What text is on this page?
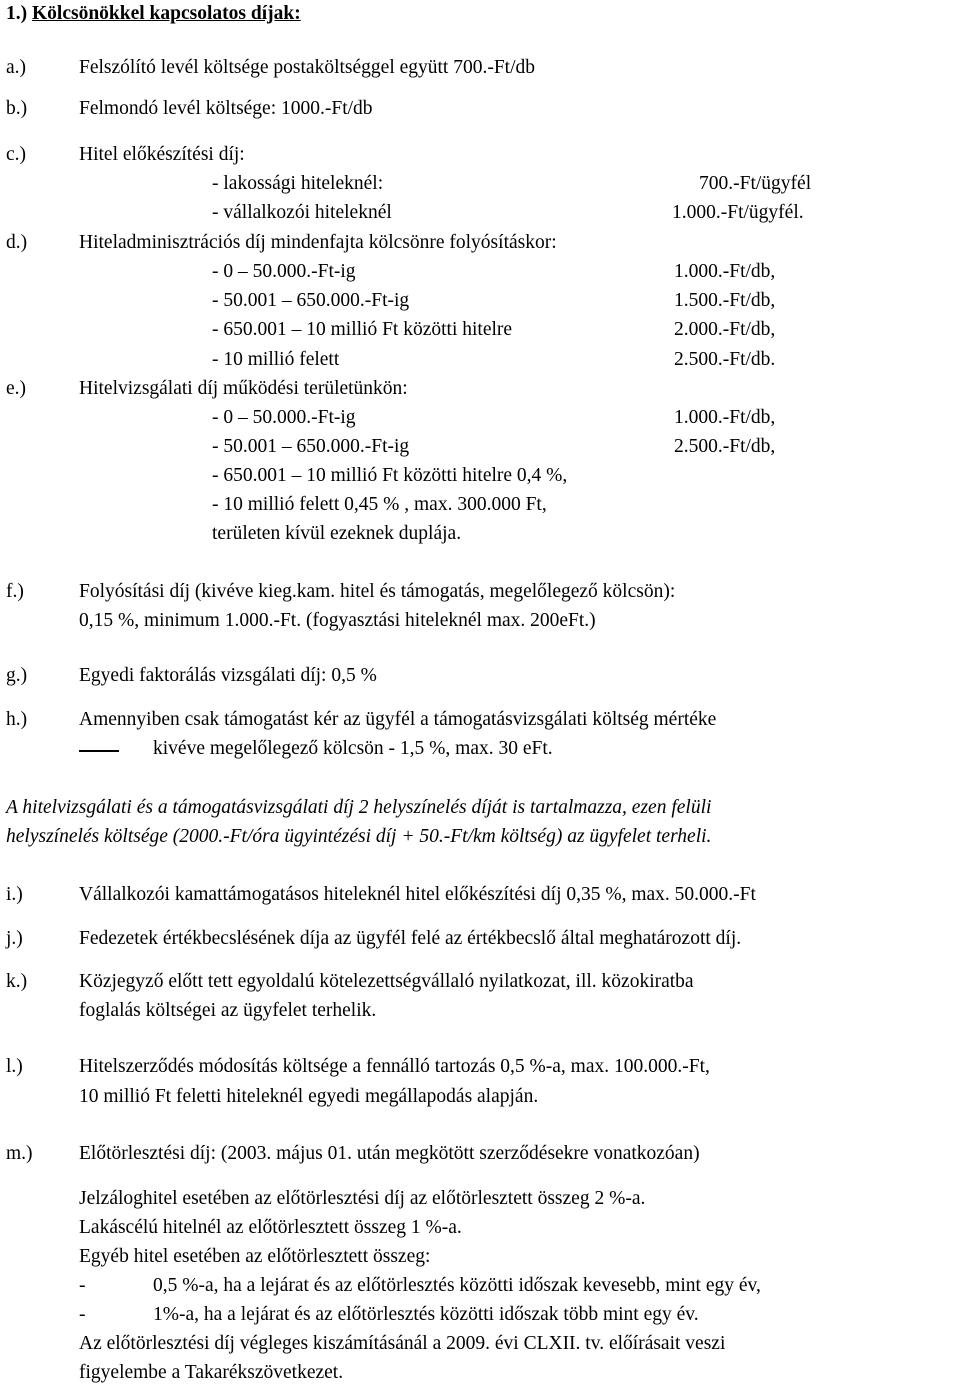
1.) Kölcsönökkel kapcsolatos díjak:
a.)	Felszólító levél költsége postaköltséggel együtt 700.-Ft/db
b.)	Felmondó levél költsége: 1000.-Ft/db
c.)	Hitel előkészítési díj:
- lakossági hiteleknél:	700.-Ft/ügyfél
- vállalkozói hiteleknél	1.000.-Ft/ügyfél.
d.)	Hiteladminisztrációs díj mindenfajta kölcsönre folyósításkor:
- 0 – 50.000.-Ft-ig	1.000.-Ft/db,
- 50.001 – 650.000.-Ft-ig	1.500.-Ft/db,
- 650.001 – 10 millió Ft közötti hitelre	2.000.-Ft/db,
- 10 millió felett	2.500.-Ft/db.
e.)	Hitelvizsgálati díj működési területünkön:
- 0 – 50.000.-Ft-ig	1.000.-Ft/db,
- 50.001 – 650.000.-Ft-ig	2.500.-Ft/db,
- 650.001 – 10 millió Ft közötti hitelre 0,4 %,
- 10 millió felett 0,45 % , max. 300.000 Ft,
területen kívül ezeknek duplája.
f.)	Folyósítási díj (kivéve kieg.kam. hitel és támogatás, megelőlegező kölcsön):
0,15 %, minimum 1.000.-Ft. (fogyasztási hiteleknél max. 200eFt.)
g.)	Egyedi faktorálás vizsgálati díj: 0,5 %
h.)	Amennyiben csak támogatást kér az ügyfél a támogatásvizsgálati költség mértéke
kivéve megelőlegező kölcsön - 1,5 %, max. 30 eFt.
A hitelvizsgálati és a támogatásvizsgálati díj 2 helyszínelés díját is tartalmazza, ezen felüli
helyszínelés költsége (2000.-Ft/óra ügyintézési díj + 50.-Ft/km költség) az ügyfelet terheli.
i.)	Vállalkozói kamattámogatásos hiteleknél hitel előkészítési díj 0,35 %, max. 50.000.-Ft
j.)	Fedezetek értékbecslésének díja az ügyfél felé az értékbecslő által meghatározott díj.
k.)	Közjegyző előtt tett egyoldalú kötelezettségvállaló nyilatkozat, ill. közokiratba
foglalás költségei az ügyfelet terhelik.
l.)	Hitelszerződés módosítás költsége a fennálló tartozás 0,5 %-a, max. 100.000.-Ft,
10 millió Ft feletti hiteleknél egyedi megállapodás alapján.
m.) Előtörlesztési díj: (2003. május 01. után megkötött szerződésekre vonatkozóan)
Jelzáloghitel esetében az előtörlesztési díj az előtörlesztett összeg 2 %-a.
Lakáscélú hitelnél az előtörlesztett összeg 1 %-a.
Egyéb hitel esetében az előtörlesztett összeg:
-	0,5 %-a, ha a lejárat és az előtörlesztés közötti időszak kevesebb, mint egy év,
-	1%-a, ha a lejárat és az előtörlesztés közötti időszak több mint egy év.
Az előtörlesztési díj végleges kiszámításánál a 2009. évi CLXII. tv. előírásait veszi
figyelembe a Takarékszövetkezet.
